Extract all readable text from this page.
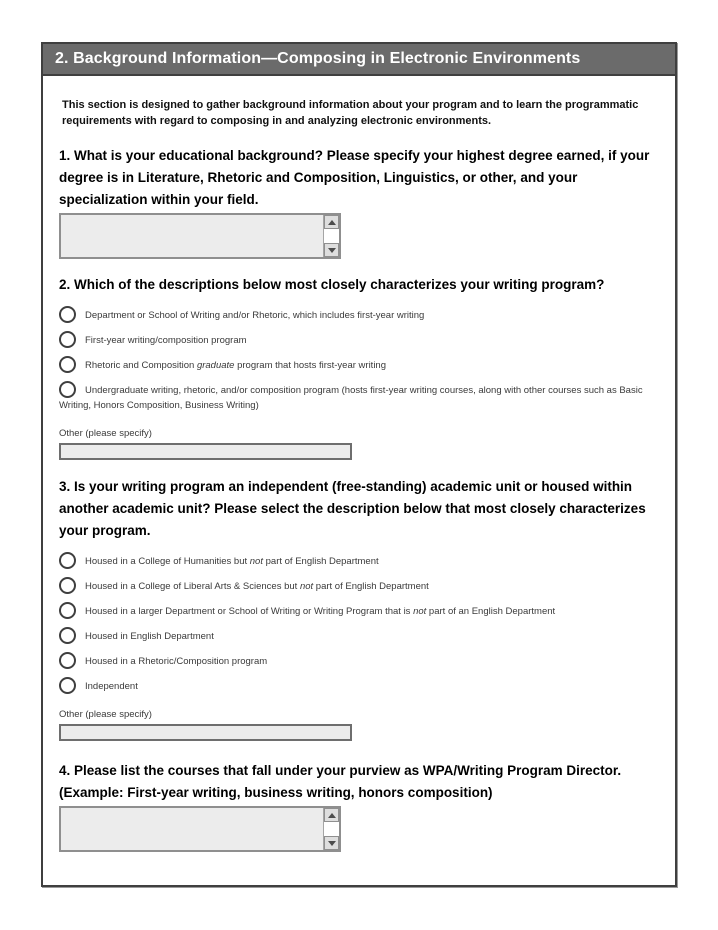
2. Background Information—Composing in Electronic Environments

This section is designed to gather background information about your program and to learn the programmatic requirements with regard to composing in and analyzing electronic environments.

1. What is your educational background? Please specify your highest degree earned, if your degree is in Literature, Rhetoric and Composition, Linguistics, or other, and your specialization within your field.
2. Which of the descriptions below most closely characterizes your writing program?
Department or School of Writing and/or Rhetoric, which includes first-year writing
First-year writing/composition program
Rhetoric and Composition graduate program that hosts first-year writing
Undergraduate writing, rhetoric, and/or composition program (hosts first-year writing courses, along with other courses such as Basic Writing, Honors Composition, Business Writing)
Other (please specify)
3. Is your writing program an independent (free-standing) academic unit or housed within another academic unit? Please select the description below that most closely characterizes your program.
Housed in a College of Humanities but not part of English Department
Housed in a College of Liberal Arts & Sciences but not part of English Department
Housed in a larger Department or School of Writing or Writing Program that is not part of an English Department
Housed in English Department
Housed in a Rhetoric/Composition program
Independent
Other (please specify)
4. Please list the courses that fall under your purview as WPA/Writing Program Director.
(Example: First-year writing, business writing, honors composition)
